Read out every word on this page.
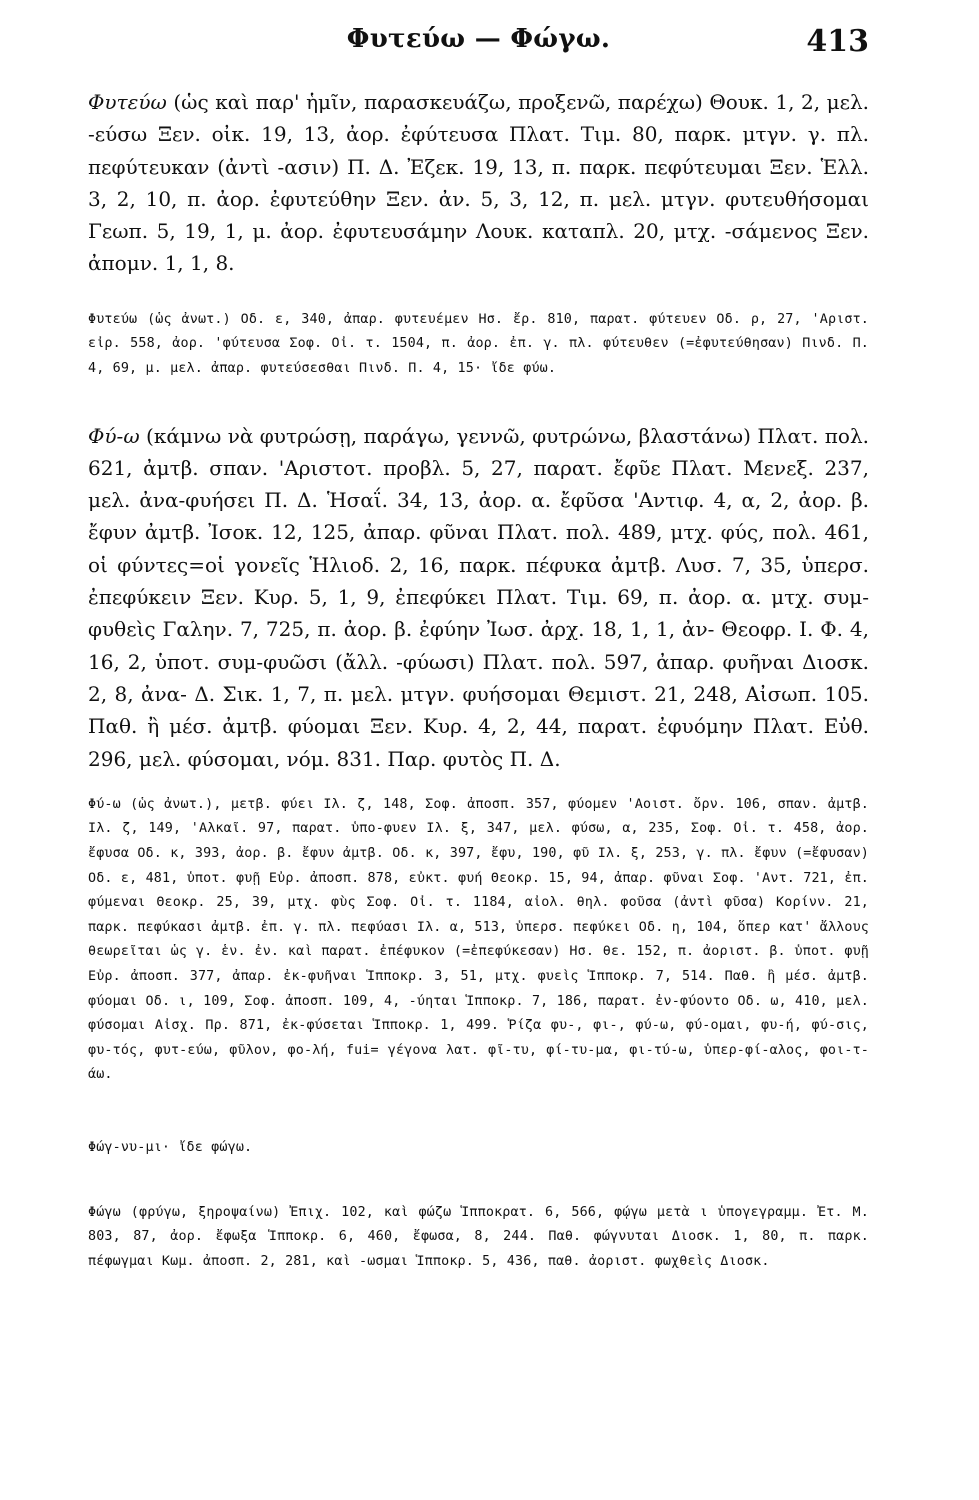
Φυτεύω — Φώγω.	413

Φυτεύω (ὡς καὶ παρ' ἡμῖν, παρασκευάζω, προξενῶ, παρέχω) Θουκ. 1, 2, μελ. -εύσω Ξεν. οἰκ. 19, 13, ἀορ. ἐφύτευσα Πλατ. Τιμ. 80, παρκ. μτγν. γ. πλ. πεφύτευκαν (ἀντὶ -ασιν) Π. Δ. Ἐζεκ. 19, 13, π. παρκ. πεφύτευμαι Ξεν. Ἑλλ. 3, 2, 10, π. ἀορ. ἐφυτεύθην Ξεν. ἀν. 5, 3, 12, π. μελ. μτγν. φυτευθήσομαι Γεωπ. 5, 19, 1, μ. ἀορ. ἐφυτευσάμην Λουκ. καταπλ. 20, μτχ. -σάμενος Ξεν. ἀπομν. 1, 1, 8.

Φυτεύω (ὡς ἀνωτ.) Οδ. ε, 340, ἀπαρ. φυτευέμεν Ησ. ἔρ. 810, παρατ. φύτευεν Οδ. ρ, 27, 'Αριστ. εἰρ. 558, ἀορ. 'φύτευσα Σοφ. Οἰ. τ. 1504, π. ἀορ. ἐπ. γ. πλ. φύτευθεν (=ἐφυτεύθησαν) Πινδ. Π. 4, 69, μ. μελ. ἀπαρ. φυτεύσεσθαι Πινδ. Π. 4, 15· ἴδε φύω.

Φύ-ω (κάμνω νὰ φυτρώσῃ, παράγω, γεννῶ, φυτρώνω, βλαστάνω) Πλατ. πολ. 621, ἀμτβ. σπαν. 'Αριστοτ. προβλ. 5, 27, παρατ. ἔφῦε Πλατ. Μενεξ. 237, μελ. ἀνα-φυήσει Π. Δ. Ἡσαΐ. 34, 13, ἀορ. α. ἔφῦσα 'Αντιφ. 4, α, 2, ἀορ. β. ἔφυν ἀμτβ. Ἰσοκ. 12, 125, ἀπαρ. φῦναι Πλατ. πολ. 489, μτχ. φύς, πολ. 461, οἱ φύντες=οἱ γονεῖς Ἡλιοδ. 2, 16, παρκ. πέφυκα ἀμτβ. Λυσ. 7, 35, ὑπερσ. ἐπεφύκειν Ξεν. Κυρ. 5, 1, 9, ἐπεφύκει Πλατ. Τιμ. 69, π. ἀορ. α. μτχ. συμ-φυθεὶς Γαλην. 7, 725, π. ἀορ. β. ἐφύην Ἰωσ. ἀρχ. 18, 1, 1, ἀν- Θεοφρ. Ι. Φ. 4, 16, 2, ὑποτ. συμ-φυῶσι (ἄλλ. -φύωσι) Πλατ. πολ. 597, ἀπαρ. φυῆναι Διοσκ. 2, 8, ἀνα- Δ. Σικ. 1, 7, π. μελ. μτγν. φυήσομαι Θεμιστ. 21, 248, Αἰσωπ. 105. Παθ. ἢ μέσ. ἀμτβ. φύομαι Ξεν. Κυρ. 4, 2, 44, παρατ. ἐφυόμην Πλατ. Εὐθ. 296, μελ. φύσομαι, νόμ. 831. Παρ. φυτὸς Π. Δ.

Φύ-ω (ὡς ἀνωτ.), μετβ. φύει Ιλ. ζ, 148, Σοφ. ἀποσπ. 357, φύομεν 'Αοιστ. ὄρν. 106, σπαν. ἀμτβ. Ιλ. ζ, 149, 'Αλκαῖ. 97, παρατ. ὑπο-φυεν Ιλ. ξ, 347, μελ. φύσω, α, 235, Σοφ. Οἰ. τ. 458, ἀορ. ἔφυσα Οδ. κ, 393, ἀορ. β. ἔφυν ἀμτβ. Οδ. κ, 397, ἔφυ, 190, φῦ Ιλ. ξ, 253, γ. πλ. ἔφυν (=ἔφυσαν) Οδ. ε, 481, ὑποτ. φυῇ Εὐρ. ἀποσπ. 878, εὐκτ. φυή Θεοκρ. 15, 94, ἀπαρ. φῦναι Σοφ. 'Αντ. 721, ἐπ. φύμεναι Θεοκρ. 25, 39, μτχ. φὺς Σοφ. Οἰ. τ. 1184, αἰολ. θηλ. φοῦσα (ἀντὶ φῦσα) Κορίνν. 21, παρκ. πεφύκασι ἀμτβ. ἐπ. γ. πλ. πεφύασι Ιλ. α, 513, ὑπερσ. πεφύκει Οδ. η, 104, ὅπερ κατ' ἄλλους θεωρεῖται ὡς γ. ἑν. ἐν. καὶ παρατ. ἐπέφυκον (=ἐπεφύκεσαν) Ησ. θε. 152, π. ἀοριστ. β. ὑποτ. φυῇ Εὐρ. ἀποσπ. 377, ἀπαρ. ἐκ-φυῆναι Ἱπποκρ. 3, 51, μτχ. φυεὶς Ἱπποκρ. 7, 514. Παθ. ἢ μέσ. ἀμτβ. φύομαι Οδ. ι, 109, Σοφ. ἀποσπ. 109, 4, -ύηται Ἱπποκρ. 7, 186, παρατ. ἐν-φύοντο Οδ. ω, 410, μελ. φύσομαι Αἰσχ. Πρ. 871, ἐκ-φύσεται Ἱπποκρ. 1, 499. Ῥίζα φυ-, φι-, φύ-ω, φύ-ομαι, φυ-ή, φύ-σις, φυ-τός, φυτ-εύω, φῦλον, φο-λή, fui= γέγονα λατ. φῖ-τυ, φί-τυ-μα, φι-τύ-ω, ὑπερ-φί-αλος, φοι-τ-άω.

Φώγ-νυ-μι· ἴδε φώγω.

Φώγω (φρύγω, ξηροψαίνω) Ἐπιχ. 102, καὶ φώζω Ἱπποκρατ. 6, 566, φῴγω μετὰ ι ὑπογεγραμμ. Ἐτ. Μ. 803, 87, ἀορ. ἔφωξα Ἱπποκρ. 6, 460, ἔφωσα, 8, 244. Παθ. φώγνυται Διοσκ. 1, 80, π. παρκ. πέφωγμαι Κωμ. ἀποσπ. 2, 281, καὶ -ωσμαι Ἱπποκρ. 5, 436, παθ. ἀοριστ. φωχθεὶς Διοσκ.
